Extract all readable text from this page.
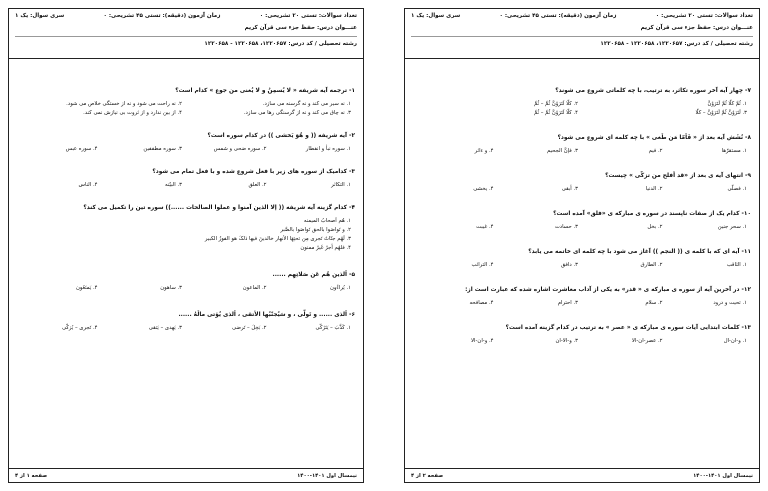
تعداد سوالات: تستی ۲۰ تشریحی: ۰
زمان آزمون (دقیقه): تستی ۴۵ تشریحی: ۰
سری سوال: یک ۱
عنـــوان درس: حفظ جزء سی قرآن کریم
رشته تحصیلی / کد درس: ۱۲۲۰۶۵۷، ۱۲۲۰۶۵۸ - ۱۲۲۰۶۵۸
۱- ترجمه آیه شریفه « لا یُسمِنُ و لا یُغنی من جوع » کدام است؟
۱. نه سیر می کند و نه گرسنه می سازد.
۲. نه راحت می شود و نه از خستگی خلاص می شود.
۳. نه چاق می کند و نه از گرسنگی رها می سازد.
۴. از بین ندارد و از ثروت بی نیازش نمی کند.
۲- آیه شریفه (( و هُوَ یَخشی )) در کدام سوره است؟
۱. سوره نبأ و انفطار
۲. سوره ضحی و شمس
۳. سوره مطففین
۴. سوره عبس
۳- کدامیک از سوره های زیر با فعل شروع شده و با فعل تمام می شود؟
۱. التکاثر
۲. العلق
۳. البیّنه
۴. الناس
۴- کدام گزینه آیه شریفه (( إلا الذین آمنوا و عملوا الصالحات ......)) سوره تین را تکمیل می کند؟
۱. هُم اَصحابُ المیمنه
۲. و تَواصَوا بالحق تَواصَوا بالصَّبر
۳. لَهُم جنّاتٌ تَجری مِن تحتِهَا الأنهار خالدینَ فیها ذلکَ هو الفوزُ الکبیر
۴. فلهُم أجرٌ غَیرُ ممنون
۵- اَلذین هُم عَن صَلاتِهِم ......
۱. یُراءُون
۲. الماعون
۳. ساهون
۴. یَمنَعُون
۶- اَلذی ...... و تَولّی ، و سَیُجنّبُها الأتقی ، اَلذی یُؤتی مالَهُ ......
۱. کَذَّبَ – یَتَزَکّی
۲. بَخِلَ – تَرضی
۳. یَهدی – یَتقی
۴. تَجری – یُزکّی
نیمسال اول ۱۴۰۱-۱۴۰۰
صفحه ۱ از ۴
تعداد سوالات: تستی ۲۰ تشریحی: ۰
زمان آزمون (دقیقه): تستی ۴۵ تشریحی: ۰
سری سوال: یک ۱
عنـــوان درس: حفظ جزء سی قرآن کریم
رشته تحصیلی / کد درس: ۱۲۲۰۶۵۷، ۱۲۲۰۶۵۸ - ۱۲۲۰۶۵۸
۷- چهار آیه آخر سوره تکاثر، به ترتیب، با چه کلماتی شروع می شوند؟
۱. ثُمَّ کلّا ثُمَّ لَتَرَوُنَّ
۲. کلّا لَتَرَوُنَّ ثُمَّ – ثُمَّ
۳. لَتَرَوُنَّ ثُمَّ لَتَرَوُنَّ – کلّا
۴. کلّا لَتَرَوُنَّ ثُمَّ – ثُمَّ
۸- نُشَش آیه بعد از « فَاَمّا مَن طَغی » با چه کلمه ای شروع می شود؟
۱. مستقرّها
۲. فیم
۳. فإنَّ الجحیم
۴. و ءاثر
۹- انتهای آیه ی بعد از «قد أفلح من تزکّی » چیست؟
۱. فصلّی
۲. الدنیا
۳. أبقی
۴. یخشی
۱۰- کدام یک از صفات ناپسند در سوره ی مبارکه ی «فلق» آمده است؟
۱. سحر جنین
۲. بخل
۳. حسادت
۴. غیبت
۱۱- آیه ای که با کلمه ی (( النجم )) آغاز می شود با چه کلمه ای خاتمه می یابد؟
۱. الثاقب
۲. الطارق
۳. دافق
۴. الترائب
۱۲- در آخرین آیه از سوره ی مبارکه ی « قدر» به یکی از آداب معاشرت اشاره شده که عبارت است از:
۱. تحیت و درود
۲. سلام
۳. احترام
۴. مصافحه
۱۳- کلمات ابتدایی آیات سوره ی مبارکه ی « عصر » به ترتیب در کدام گزینه آمده است؟
۱. و-ان-ال
۲. عصر-ان-الا
۳. و-الا-ان
۴. و-ان-الا
نیمسال اول ۱۴۰۱-۱۴۰۰
صفحه ۲ از ۴
